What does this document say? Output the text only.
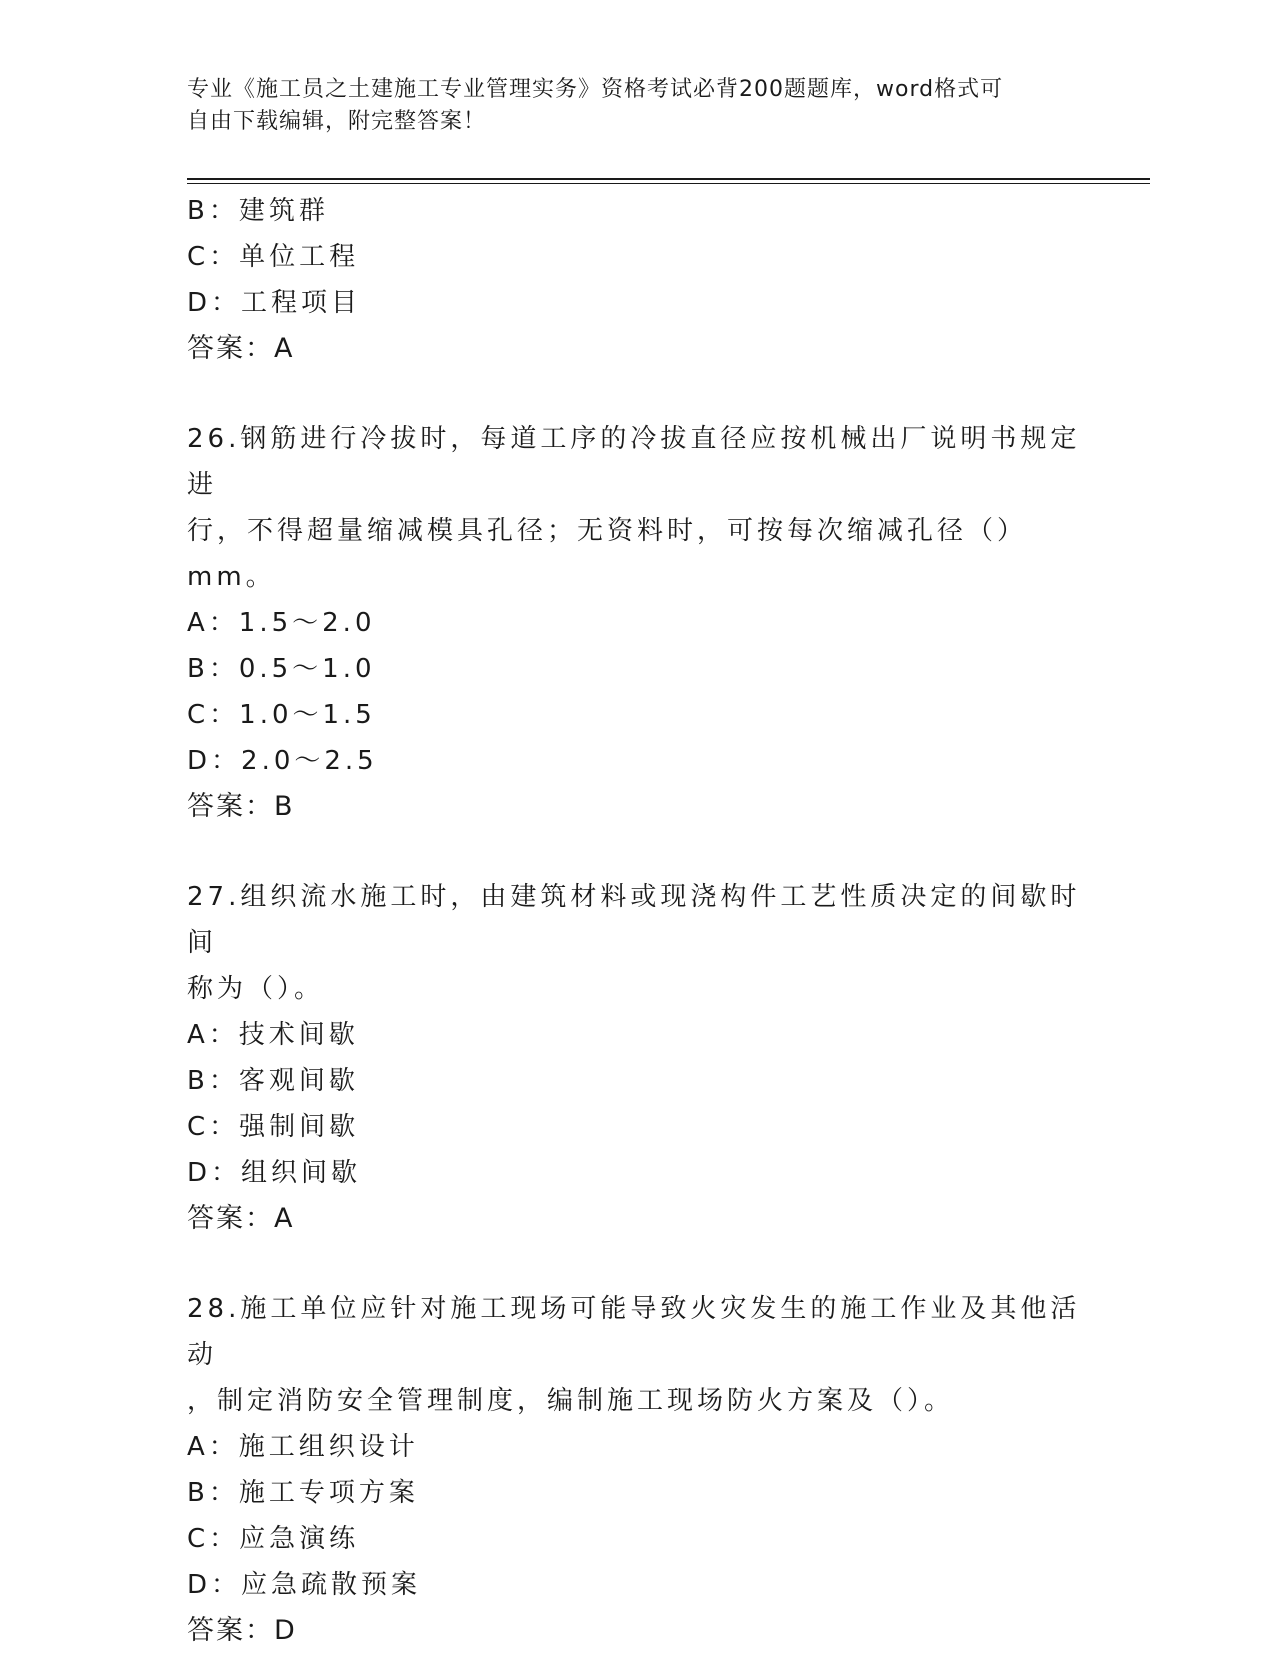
专业《施工员之土建施工专业管理实务》资格考试必背200题题库，word格式可
自由下载编辑，附完整答案！
B：建筑群
C：单位工程
D：工程项目
答案：A
26.钢筋进行冷拔时，每道工序的冷拔直径应按机械出厂说明书规定进
行，不得超量缩减模具孔径；无资料时，可按每次缩减孔径（）mm。
A：1.5～2.0
B：0.5～1.0
C：1.0～1.5
D：2.0～2.5
答案：B
27.组织流水施工时，由建筑材料或现浇构件工艺性质决定的间歇时间
称为（）。
A：技术间歇
B：客观间歇
C：强制间歇
D：组织间歇
答案：A
28.施工单位应针对施工现场可能导致火灾发生的施工作业及其他活动
，制定消防安全管理制度，编制施工现场防火方案及（）。
A：施工组织设计
B：施工专项方案
C：应急演练
D：应急疏散预案
答案：D
